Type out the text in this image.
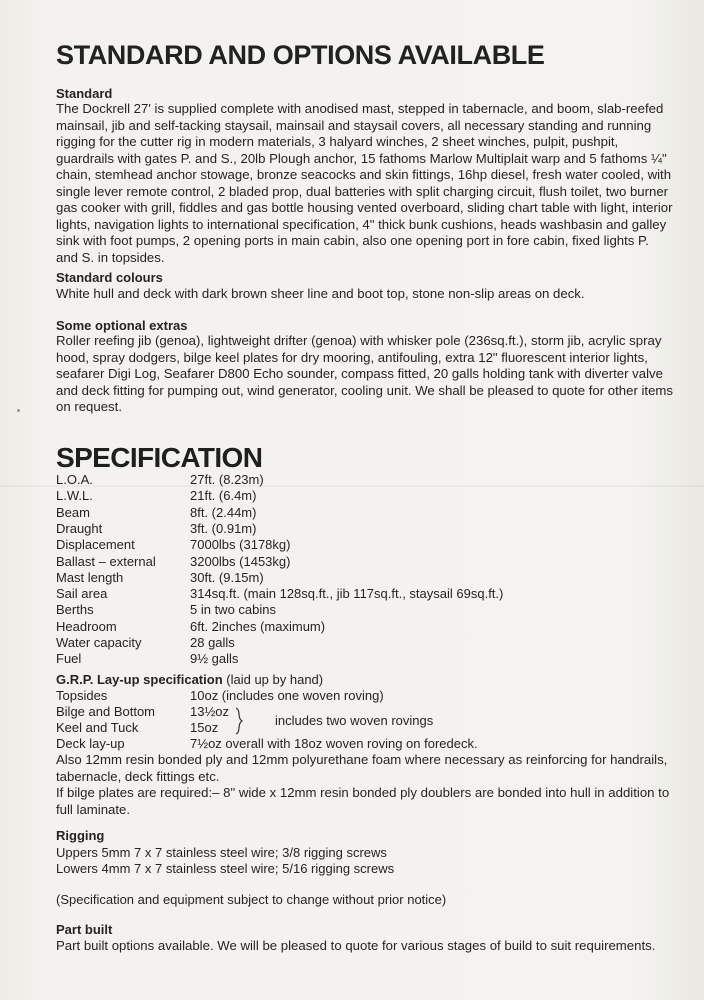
STANDARD AND OPTIONS AVAILABLE
Standard

The Dockrell 27' is supplied complete with anodised mast, stepped in tabernacle, and boom, slab-reefed mainsail, jib and self-tacking staysail, mainsail and staysail covers, all necessary standing and running rigging for the cutter rig in modern materials, 3 halyard winches, 2 sheet winches, pulpit, pushpit, guardrails with gates P. and S., 20lb Plough anchor, 15 fathoms Marlow Multiplait warp and 5 fathoms ¼" chain, stemhead anchor stowage, bronze seacocks and skin fittings, 16hp diesel, fresh water cooled, with single lever remote control, 2 bladed prop, dual batteries with split charging circuit, flush toilet, two burner gas cooker with grill, fiddles and gas bottle housing vented overboard, sliding chart table with light, interior lights, navigation lights to international specification, 4" thick bunk cushions, heads washbasin and galley sink with foot pumps, 2 opening ports in main cabin, also one opening port in fore cabin, fixed lights P. and S. in topsides.

Standard colours

White hull and deck with dark brown sheer line and boot top, stone non-slip areas on deck.

Some optional extras

Roller reefing jib (genoa), lightweight drifter (genoa) with whisker pole (236sq.ft.), storm jib, acrylic spray hood, spray dodgers, bilge keel plates for dry mooring, antifouling, extra 12" fluorescent interior lights, seafarer Digi Log, Seafarer D800 Echo sounder, compass fitted, 20 galls holding tank with diverter valve and deck fitting for pumping out, wind generator, cooling unit. We shall be pleased to quote for other items on request.

SPECIFICATION
L.O.A.	27ft. (8.23m)
L.W.L.	21ft. (6.4m)
Beam	8ft. (2.44m)
Draught	3ft. (0.91m)
Displacement	7000lbs (3178kg)
Ballast – external	3200lbs (1453kg)
Mast length	30ft. (9.15m)
Sail area	314sq.ft. (main 128sq.ft., jib 117sq.ft., staysail 69sq.ft.)
Berths	5 in two cabins
Headroom	6ft. 2inches (maximum)
Water capacity	28 galls
Fuel	9½ galls
G.R.P. Lay-up specification (laid up by hand)
Topsides	10oz (includes one woven roving)
Bilge and Bottom	13½oz
Keel and Tuck	15oz	includes two woven rovings
Deck lay-up	7½oz overall with 18oz woven roving on foredeck.

Also 12mm resin bonded ply and 12mm polyurethane foam where necessary as reinforcing for handrails, tabernacle, deck fittings etc.

If bilge plates are required:– 8" wide x 12mm resin bonded ply doublers are bonded into hull in addition to full laminate.

Rigging
Uppers 5mm 7 x 7 stainless steel wire; 3/8 rigging screws
Lowers 4mm 7 x 7 stainless steel wire; 5/16 rigging screws
(Specification and equipment subject to change without prior notice)
Part built

Part built options available. We will be pleased to quote for various stages of build to suit requirements.
